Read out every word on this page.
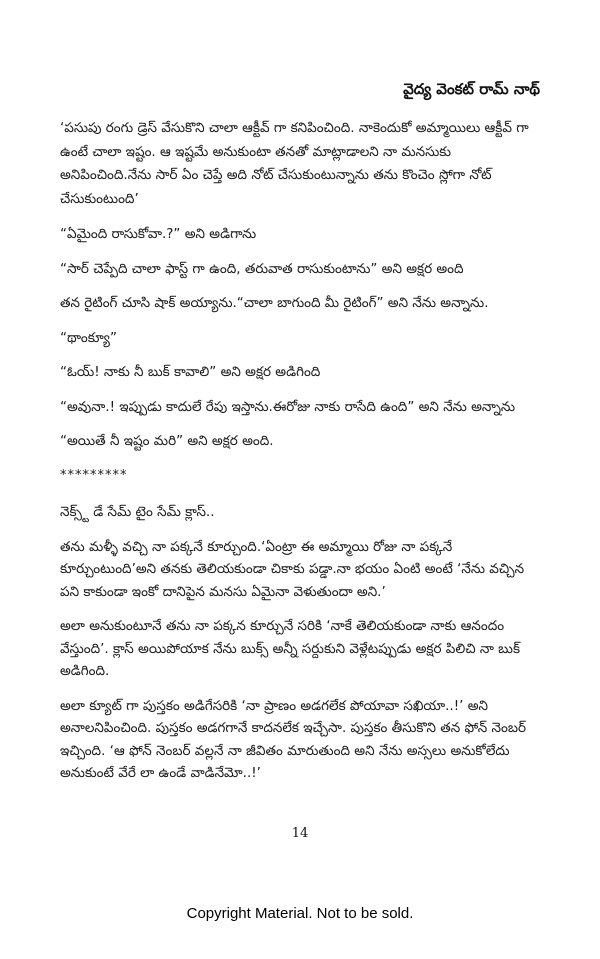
వైద్య వెంకట్ రామ్ నాథ్

‘పసుపు రంగు డ్రెస్ వేసుకొని చాలా ఆక్టీవ్ గా కనిపించింది. నాకెందుకో అమ్మాయిలు ఆక్టీవ్ గా ఉంటే చాలా ఇష్టం. ఆ ఇష్టమే అనుకుంటా తనతో మాట్లాడాలని నా మనసుకు అనిపించింది.నేను సార్ ఏం చెప్తే అది నోట్ చేసుకుంటున్నాను తను కొంచెం స్లోగా నోట్ చేసుకుంటుంది’

“ఏమైంది రాసుకోవా.?” అని అడిగాను

“సార్ చెప్పేది చాలా ఫాస్ట్ గా ఉంది, తరువాత రాసుకుంటాను” అని అక్షర అంది

తన రైటింగ్ చూసి షాక్ అయ్యాను.“చాలా బాగుంది మీ రైటింగ్” అని నేను అన్నాను.

“థాంక్యూ”

“ఓయ్! నాకు నీ బుక్ కావాలి” అని అక్షర అడిగింది

“అవునా.! ఇప్పుడు కాదులే రేపు ఇస్తాను.ఈరోజు నాకు రాసేది ఉంది” అని నేను అన్నాను

“అయితే నీ ఇష్టం మరి” అని అక్షర అంది.

*********

నెక్స్ట్ డే సేమ్ టైం సేమ్ క్లాస్..

తను మళ్ళీ వచ్చి నా పక్కనే కూర్చుంది.‘ఏంట్రా ఈ అమ్మాయి రోజు నా పక్కనే కూర్చుంటుంది’అని తనకు తెలియకుండా చికాకు పడ్డా.నా భయం ఏంటి అంటే ‘నేను వచ్చిన పని కాకుండా ఇంకో దానిపైన మనసు ఏమైనా వెళుతుందా అని.’

అలా అనుకుంటూనే తను నా పక్కన కూర్చునే సరికి ‘నాకే తెలియకుండా నాకు ఆనందం వేస్తుంది’. క్లాస్ అయిపోయాక నేను బుక్స్ అన్నీ సర్దుకుని వెళ్లేటప్పుడు అక్షర పిలిచి నా బుక్ అడిగింది.

అలా క్యూట్ గా పుస్తకం అడిగేసరికి ‘నా ప్రాణం అడగలేక పోయావా సఖియా..!’ అని అనాలనిపించింది. పుస్తకం అడగగానే కాదనలేక ఇచ్చేసా. పుస్తకం తీసుకొని తన ఫోన్ నెంబర్ ఇచ్చింది. ‘ఆ ఫోన్ నెంబర్ వల్లనే నా జీవితం మారుతుంది అని నేను అస్సలు అనుకోలేదు అనుకుంటే వేరే లా ఉండే వాడినేమో..!’

14
Copyright Material. Not to be sold.
